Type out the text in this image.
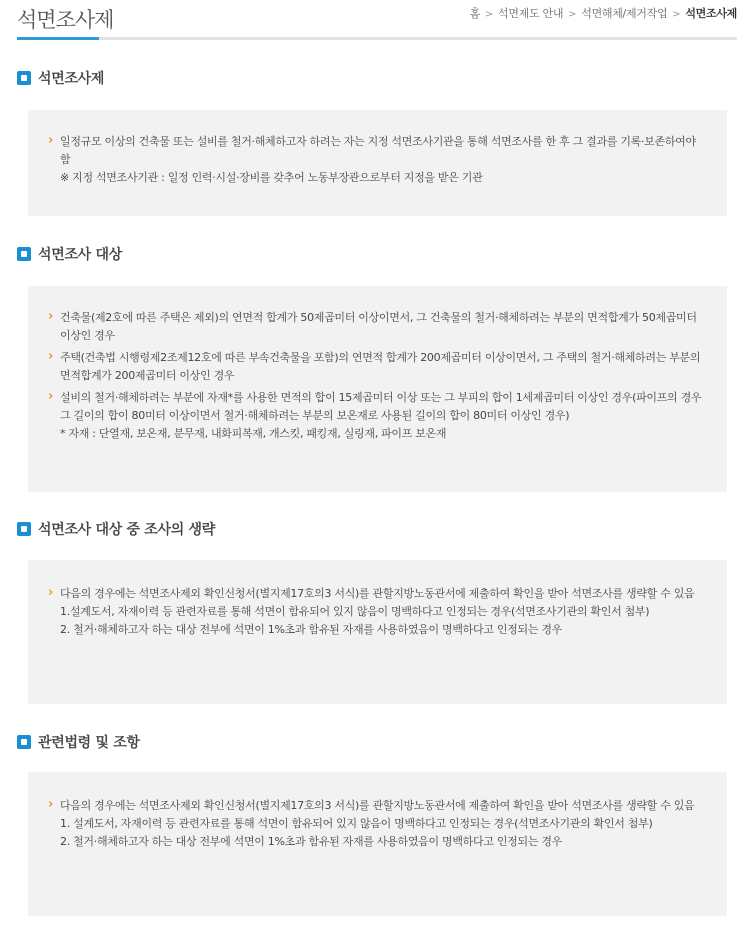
석면조사제	홈 > 석면제도 안내 > 석면해체/제거작업 > 석면조사제
석면조사제
› 일정규모 이상의 건축물 또는 설비를 철거·해체하고자 하려는 자는 지정 석면조사기관을 통해 석면조사를 한 후 그 결과를 기록·보존하여야 함
※ 지정 석면조사기관 : 일정 인력·시설·장비를 갖추어 노동부장관으로부터 지정을 받은 기관
석면조사 대상
› 건축물(제2호에 따른 주택은 제외)의 연면적 합계가 50제곱미터 이상이면서, 그 건축물의 철거·해체하려는 부분의 면적합계가 50제곱미터 이상인 경우
› 주택(건축법 시행령제2조제12호에 따른 부속건축물을 포함)의 연면적 합계가 200제곱미터 이상이면서, 그 주택의 철거·해체하려는 부분의 면적합계가 200제곱미터 이상인 경우
› 설비의 철거·해체하려는 부분에 자재*를 사용한 면적의 합이 15제곱미터 이상 또는 그 부피의 합이 1세제곱미터 이상인 경우(파이프의 경우 그 길이의 합이 80미터 이상이면서 철거·해체하려는 부분의 보온재로 사용된 길이의 합이 80미터 이상인 경우)
* 자재 : 단열재, 보온재, 분무재, 내화피복재, 개스킷, 패킹재, 실링재, 파이프 보온재
석면조사 대상 중 조사의 생략
› 다음의 경우에는 석면조사제외 확인신청서(별지제17호의3 서식)를 관할지방노동관서에 제출하여 확인을 받아 석면조사를 생략할 수 있음
1.설계도서, 자재이력 등 관련자료를 통해 석면이 함유되어 있지 않음이 명백하다고 인정되는 경우(석면조사기관의 확인서 첨부)
2. 철거·해체하고자 하는 대상 전부에 석면이 1%초과 함유된 자재를 사용하였음이 명백하다고 인정되는 경우
관련법령 및 조항
› 다음의 경우에는 석면조사제외 확인신청서(별지제17호의3 서식)를 관할지방노동관서에 제출하여 확인을 받아 석면조사를 생략할 수 있음
1. 설계도서, 자재이력 등 관련자료를 통해 석면이 함유되어 있지 않음이 명백하다고 인정되는 경우(석면조사기관의 확인서 첨부)
2. 철거·해체하고자 하는 대상 전부에 석면이 1%초과 함유된 자재를 사용하였음이 명백하다고 인정되는 경우
